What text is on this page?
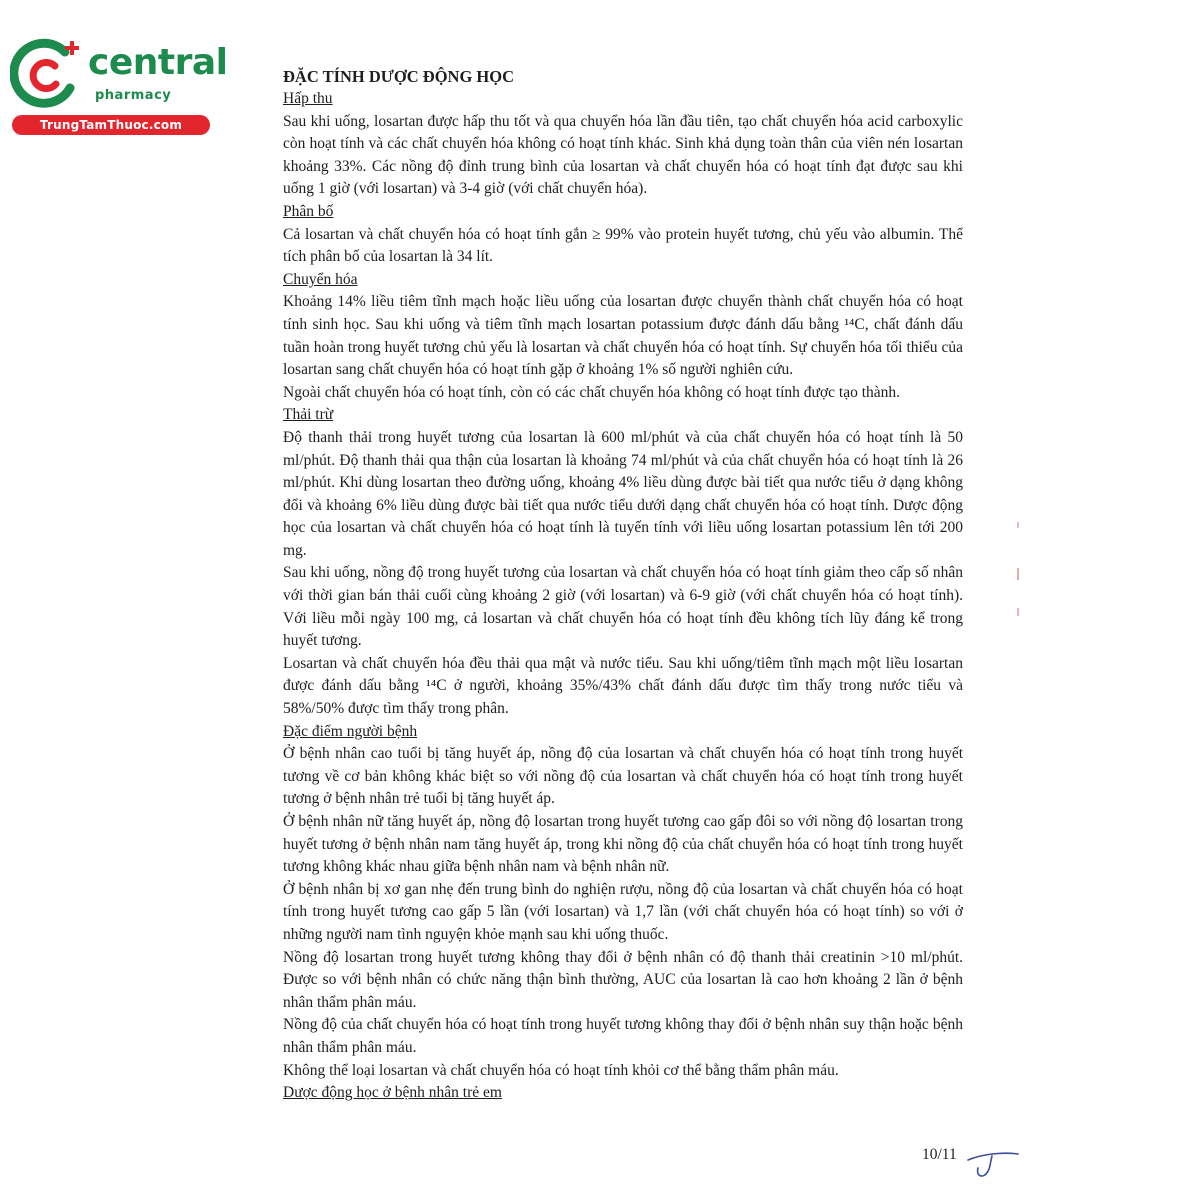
central
pharmacy
TrungTamThuoc.com
ĐẶC TÍNH DƯỢC ĐỘNG HỌC
Hấp thu

Sau khi uống, losartan được hấp thu tốt và qua chuyển hóa lần đầu tiên, tạo chất chuyển hóa acid carboxylic còn hoạt tính và các chất chuyển hóa không có hoạt tính khác. Sinh khả dụng toàn thân của viên nén losartan khoảng 33%. Các nồng độ đỉnh trung bình của losartan và chất chuyển hóa có hoạt tính đạt được sau khi uống 1 giờ (với losartan) và 3-4 giờ (với chất chuyển hóa).

Phân bố

Cả losartan và chất chuyển hóa có hoạt tính gắn ≥ 99% vào protein huyết tương, chủ yếu vào albumin. Thể tích phân bố của losartan là 34 lít.

Chuyển hóa

Khoảng 14% liều tiêm tĩnh mạch hoặc liều uống của losartan được chuyển thành chất chuyển hóa có hoạt tính sinh học. Sau khi uống và tiêm tĩnh mạch losartan potassium được đánh dấu bằng ¹⁴C, chất đánh dấu tuần hoàn trong huyết tương chủ yếu là losartan và chất chuyển hóa có hoạt tính. Sự chuyển hóa tối thiểu của losartan sang chất chuyển hóa có hoạt tính gặp ở khoảng 1% số người nghiên cứu.

Ngoài chất chuyển hóa có hoạt tính, còn có các chất chuyển hóa không có hoạt tính được tạo thành.

Thải trừ

Độ thanh thải trong huyết tương của losartan là 600 ml/phút và của chất chuyển hóa có hoạt tính là 50 ml/phút. Độ thanh thải qua thận của losartan là khoảng 74 ml/phút và của chất chuyển hóa có hoạt tính là 26 ml/phút. Khi dùng losartan theo đường uống, khoảng 4% liều dùng được bài tiết qua nước tiểu ở dạng không đổi và khoảng 6% liều dùng được bài tiết qua nước tiểu dưới dạng chất chuyển hóa có hoạt tính. Dược động học của losartan và chất chuyển hóa có hoạt tính là tuyến tính với liều uống losartan potassium lên tới 200 mg.

Sau khi uống, nồng độ trong huyết tương của losartan và chất chuyển hóa có hoạt tính giảm theo cấp số nhân với thời gian bán thải cuối cùng khoảng 2 giờ (với losartan) và 6-9 giờ (với chất chuyển hóa có hoạt tính). Với liều mỗi ngày 100 mg, cả losartan và chất chuyển hóa có hoạt tính đều không tích lũy đáng kể trong huyết tương.

Losartan và chất chuyển hóa đều thải qua mật và nước tiểu. Sau khi uống/tiêm tĩnh mạch một liều losartan được đánh dấu bằng ¹⁴C ở người, khoảng 35%/43% chất đánh dấu được tìm thấy trong nước tiểu và 58%/50% được tìm thấy trong phân.

Đặc điểm người bệnh

Ở bệnh nhân cao tuổi bị tăng huyết áp, nồng độ của losartan và chất chuyển hóa có hoạt tính trong huyết tương về cơ bản không khác biệt so với nồng độ của losartan và chất chuyển hóa có hoạt tính trong huyết tương ở bệnh nhân trẻ tuổi bị tăng huyết áp.

Ở bệnh nhân nữ tăng huyết áp, nồng độ losartan trong huyết tương cao gấp đôi so với nồng độ losartan trong huyết tương ở bệnh nhân nam tăng huyết áp, trong khi nồng độ của chất chuyển hóa có hoạt tính trong huyết tương không khác nhau giữa bệnh nhân nam và bệnh nhân nữ.

Ở bệnh nhân bị xơ gan nhẹ đến trung bình do nghiện rượu, nồng độ của losartan và chất chuyển hóa có hoạt tính trong huyết tương cao gấp 5 lần (với losartan) và 1,7 lần (với chất chuyển hóa có hoạt tính) so với ở những người nam tình nguyện khỏe mạnh sau khi uống thuốc.

Nồng độ losartan trong huyết tương không thay đổi ở bệnh nhân có độ thanh thải creatinin >10 ml/phút. Được so với bệnh nhân có chức năng thận bình thường, AUC của losartan là cao hơn khoảng 2 lần ở bệnh nhân thẩm phân máu.

Nồng độ của chất chuyển hóa có hoạt tính trong huyết tương không thay đổi ở bệnh nhân suy thận hoặc bệnh nhân thẩm phân máu.

Không thể loại losartan và chất chuyển hóa có hoạt tính khỏi cơ thể bằng thẩm phân máu.

Dược động học ở bệnh nhân trẻ em
10/11
